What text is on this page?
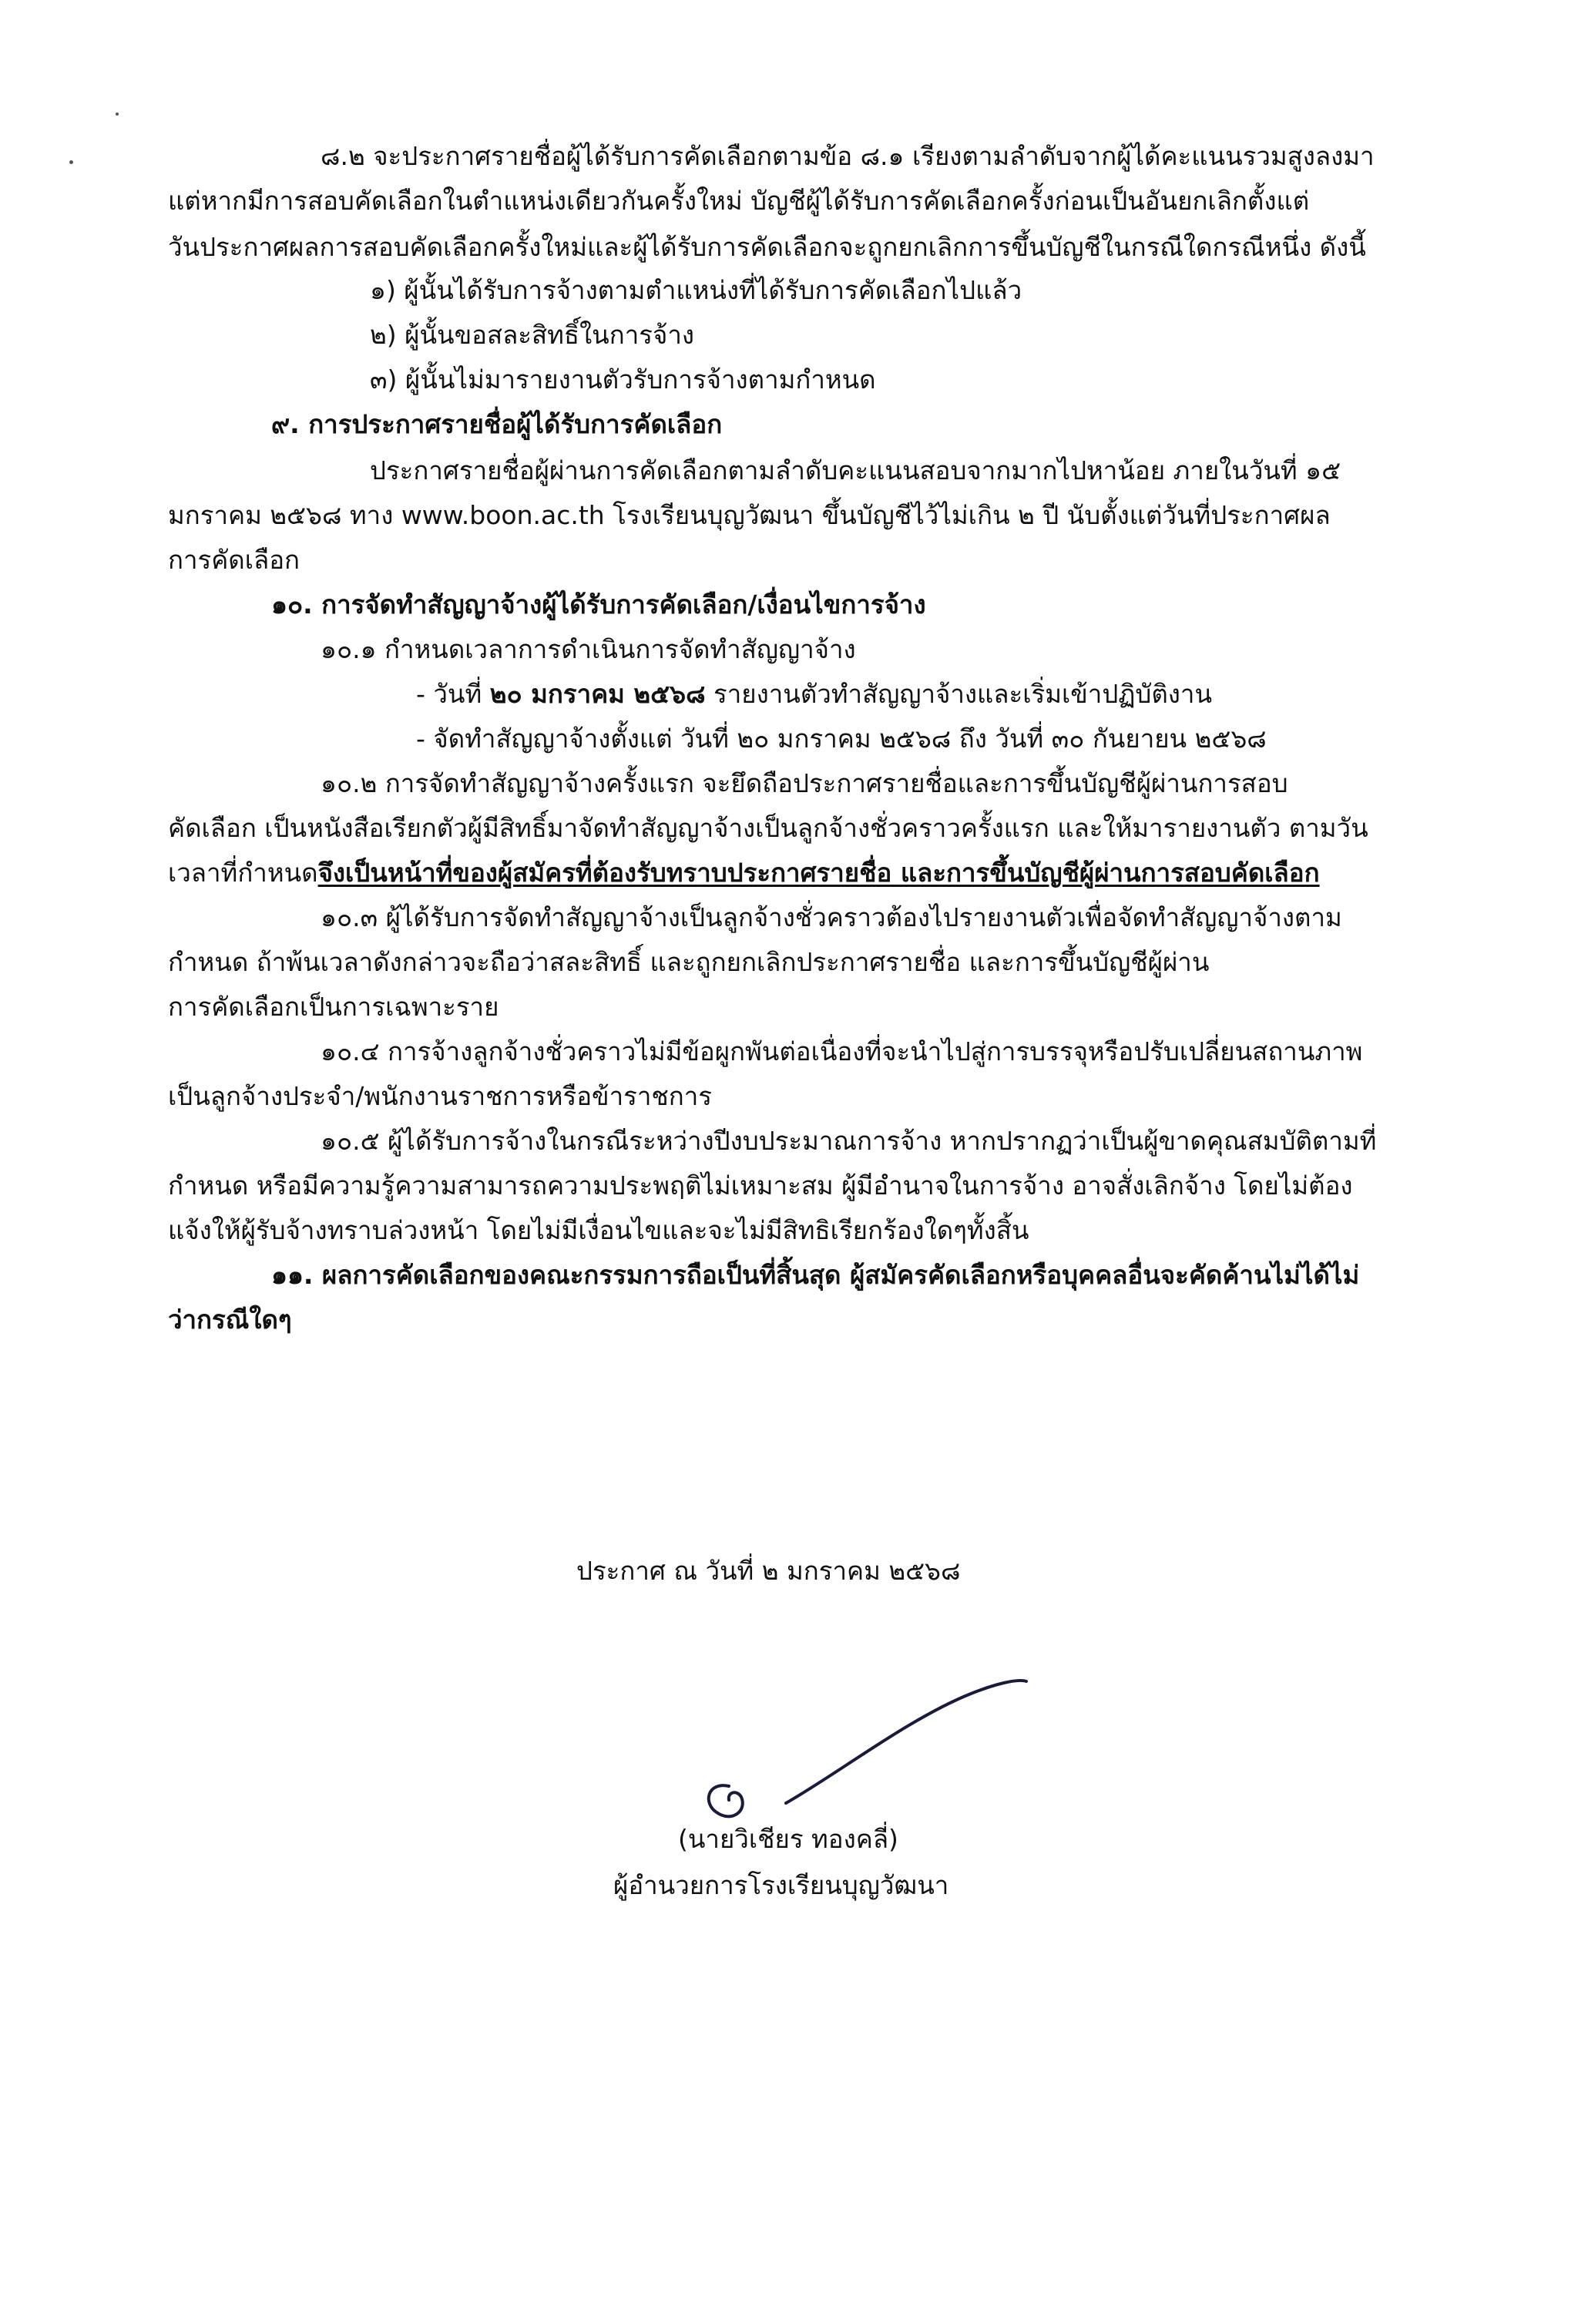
๘.๒ จะประกาศรายชื่อผู้ได้รับการคัดเลือกตามข้อ ๘.๑ เรียงตามลำดับจากผู้ได้คะแนนรวมสูงลงมา
แต่หากมีการสอบคัดเลือกในตำแหน่งเดียวกันครั้งใหม่ บัญชีผู้ได้รับการคัดเลือกครั้งก่อนเป็นอันยกเลิกตั้งแต่
วันประกาศผลการสอบคัดเลือกครั้งใหม่และผู้ได้รับการคัดเลือกจะถูกยกเลิกการขึ้นบัญชีในกรณีใดกรณีหนึ่ง ดังนี้
๑) ผู้นั้นได้รับการจ้างตามตำแหน่งที่ได้รับการคัดเลือกไปแล้ว
๒) ผู้นั้นขอสละสิทธิ์ในการจ้าง
๓) ผู้นั้นไม่มารายงานตัวรับการจ้างตามกำหนด
๙. การประกาศรายชื่อผู้ได้รับการคัดเลือก
ประกาศรายชื่อผู้ผ่านการคัดเลือกตามลำดับคะแนนสอบจากมากไปหาน้อย ภายในวันที่ ๑๕
มกราคม ๒๕๖๘ ทาง www.boon.ac.th โรงเรียนบุญวัฒนา ขึ้นบัญชีไว้ไม่เกิน ๒ ปี นับตั้งแต่วันที่ประกาศผล
การคัดเลือก
๑๐. การจัดทำสัญญาจ้างผู้ได้รับการคัดเลือก/เงื่อนไขการจ้าง
๑๐.๑ กำหนดเวลาการดำเนินการจัดทำสัญญาจ้าง
- วันที่ ๒๐ มกราคม ๒๕๖๘ รายงานตัวทำสัญญาจ้างและเริ่มเข้าปฏิบัติงาน
- จัดทำสัญญาจ้างตั้งแต่ วันที่ ๒๐ มกราคม ๒๕๖๘ ถึง วันที่ ๓๐ กันยายน ๒๕๖๘
๑๐.๒ การจัดทำสัญญาจ้างครั้งแรก จะยึดถือประกาศรายชื่อและการขึ้นบัญชีผู้ผ่านการสอบ
คัดเลือก เป็นหนังสือเรียกตัวผู้มีสิทธิ์มาจัดทำสัญญาจ้างเป็นลูกจ้างชั่วคราวครั้งแรก และให้มารายงานตัว ตามวัน
เวลาที่กำหนดจึงเป็นหน้าที่ของผู้สมัครที่ต้องรับทราบประกาศรายชื่อ และการขึ้นบัญชีผู้ผ่านการสอบคัดเลือก
๑๐.๓ ผู้ได้รับการจัดทำสัญญาจ้างเป็นลูกจ้างชั่วคราวต้องไปรายงานตัวเพื่อจัดทำสัญญาจ้างตาม
กำหนด ถ้าพ้นเวลาดังกล่าวจะถือว่าสละสิทธิ์ และถูกยกเลิกประกาศรายชื่อ และการขึ้นบัญชีผู้ผ่าน
การคัดเลือกเป็นการเฉพาะราย
๑๐.๔ การจ้างลูกจ้างชั่วคราวไม่มีข้อผูกพันต่อเนื่องที่จะนำไปสู่การบรรจุหรือปรับเปลี่ยนสถานภาพ
เป็นลูกจ้างประจำ/พนักงานราชการหรือข้าราชการ
๑๐.๕ ผู้ได้รับการจ้างในกรณีระหว่างปีงบประมาณการจ้าง หากปรากฏว่าเป็นผู้ขาดคุณสมบัติตามที่
กำหนด หรือมีความรู้ความสามารถความประพฤติไม่เหมาะสม ผู้มีอำนาจในการจ้าง อาจสั่งเลิกจ้าง โดยไม่ต้อง
แจ้งให้ผู้รับจ้างทราบล่วงหน้า โดยไม่มีเงื่อนไขและจะไม่มีสิทธิเรียกร้องใดๆทั้งสิ้น
๑๑. ผลการคัดเลือกของคณะกรรมการถือเป็นที่สิ้นสุด ผู้สมัครคัดเลือกหรือบุคคลอื่นจะคัดค้านไม่ได้ไม่
ว่ากรณีใดๆ
ประกาศ ณ วันที่ ๒ มกราคม ๒๕๖๘
(นายวิเชียร ทองคลี่)
ผู้อำนวยการโรงเรียนบุญวัฒนา
